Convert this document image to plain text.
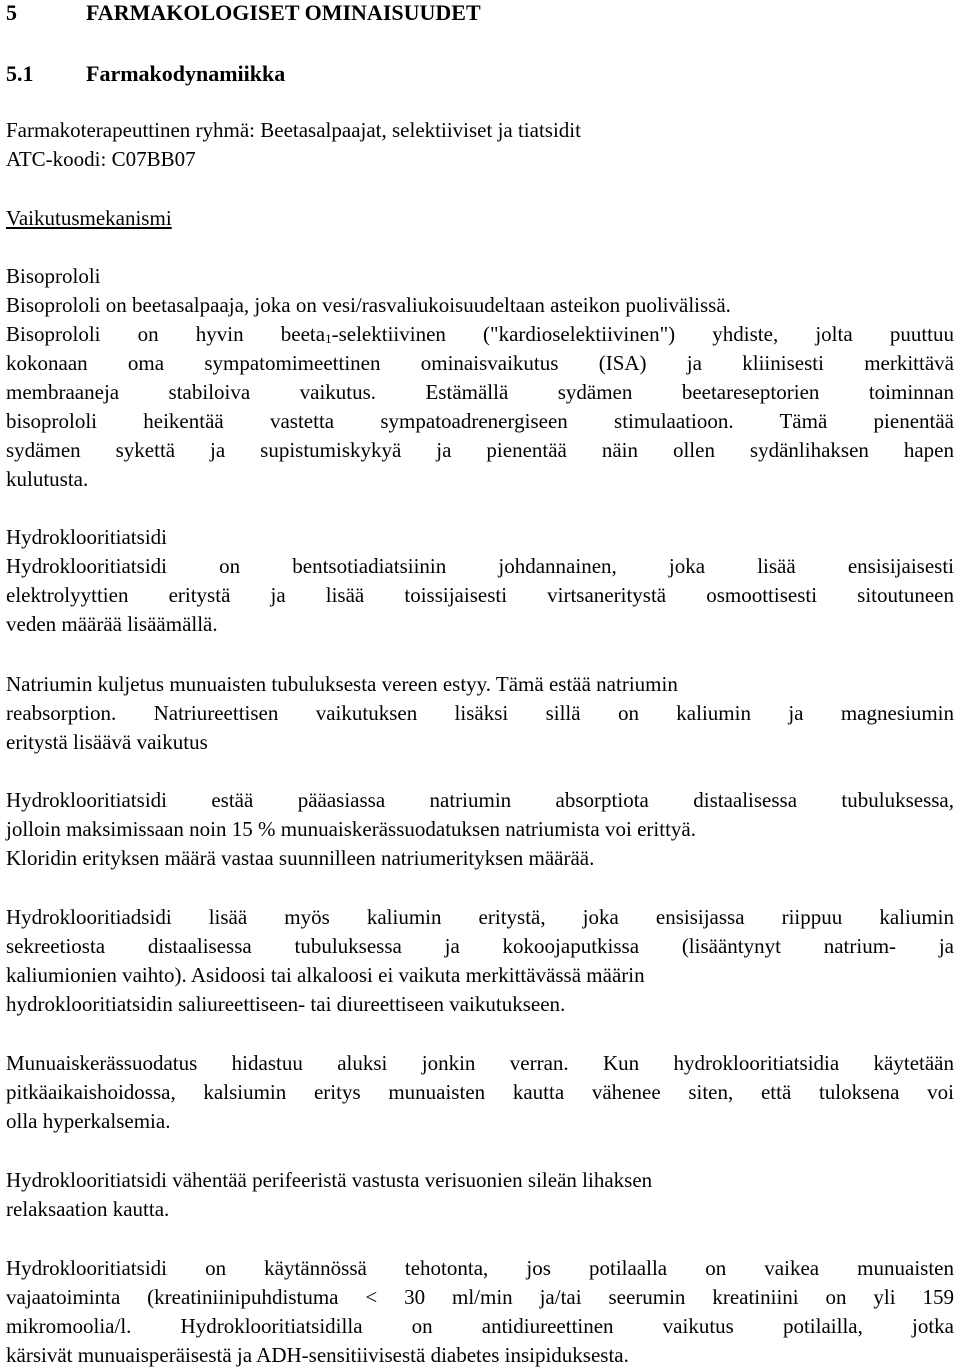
5	FARMAKOLOGISET OMINAISUUDET
5.1 Farmakodynamiikka
Farmakoterapeuttinen ryhmä: Beetasalpaajat, selektiiviset ja tiatsidit
ATC-koodi: C07BB07
Vaikutusmekanismi
Bisoprololi
Bisoprololi on beetasalpaaja, joka on vesi/rasvaliukoisuudeltaan asteikon puolivälissä.
Bisoprololi on hyvin beeta$_1$-selektiivinen ("kardioselektiivinen") yhdiste, jolta puuttuu
kokonaan oma sympatomimeettinen ominaisvaikutus (ISA) ja kliinisesti merkittävä
membraaneja stabiloiva vaikutus. Estämällä sydämen beetareseptorien toiminnan
bisoprololi heikentää vastetta sympatoadrenergiseen stimulaatioon. Tämä pienentää
sydämen sykettä ja supistumiskykyä ja pienentää näin ollen sydänlihaksen hapen
kulutusta.
Hydroklooritiatsidi
Hydroklooritiatsidi on bentsotiadiatsiinin johdannainen, joka lisää ensisijaisesti
elektrolyyttien eritystä ja lisää toissijaisesti virtsaneritystä osmoottisesti sitoutuneen
veden määrää lisäämällä.
Natriumin kuljetus munuaisten tubuluksesta vereen estyy. Tämä estää natriumin
reabsorption. Natriureettisen vaikutuksen lisäksi sillä on kaliumin ja magnesiumin
eritystä lisäävä vaikutus
Hydroklooritiatsidi estää pääasiassa natriumin absorptiota distaalisessa tubuluksessa,
jolloin maksimissaan noin 15 % munuaiskerässuodatuksen natriumista voi erittyä.
Kloridin erityksen määrä vastaa suunnilleen natriumerityksen määrää.
Hydroklooritiadsidi lisää myös kaliumin eritystä, joka ensisijassa riippuu kaliumin
sekreetiosta distaalisessa tubuluksessa ja kokoojaputkissa (lisääntynyt natrium- ja
kaliumionien vaihto). Asidoosi tai alkaloosi ei vaikuta merkittävässä määrin
hydroklooritiatsidin saliureettiseen- tai diureettiseen vaikutukseen.
Munuaiskerässuodatus hidastuu aluksi jonkin verran. Kun hydroklooritiatsidia käytetään
pitkäaikaishoidossa, kalsiumin eritys munuaisten kautta vähenee siten, että tuloksena voi
olla hyperkalsemia.
Hydroklooritiatsidi vähentää perifeeristä vastusta verisuonien sileän lihaksen
relaksaation kautta.
Hydroklooritiatsidi on käytännössä tehotonta, jos potilaalla on vaikea munuaisten
vajaatoiminta (kreatiniinipuhdistuma < 30 ml/min ja/tai seerumin kreatiniini on yli 159
mikromoolia/l. Hydroklooritiatsidilla on antidiureettinen vaikutus potilailla, jotka
kärsivät munuaisperäisestä ja ADH-sensitiivisestä diabetes insipiduksesta.
